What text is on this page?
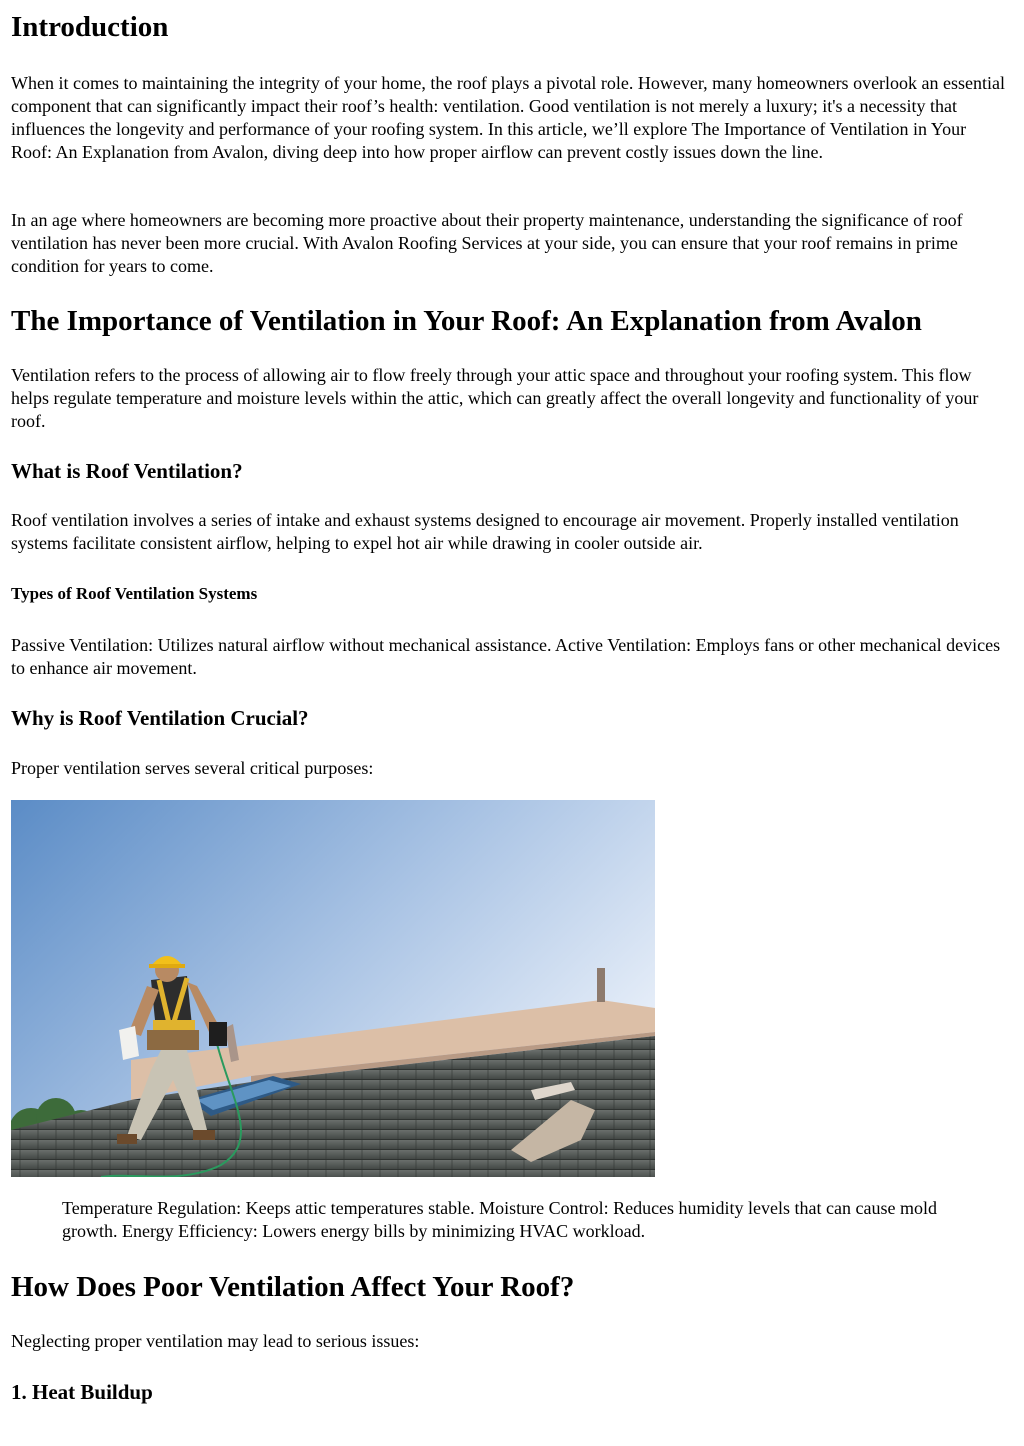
Introduction

When it comes to maintaining the integrity of your home, the roof plays a pivotal role. However, many homeowners overlook an essential component that can significantly impact their roof’s health: ventilation. Good ventilation is not merely a luxury; it's a necessity that influences the longevity and performance of your roofing system. In this article, we’ll explore The Importance of Ventilation in Your Roof: An Explanation from Avalon, diving deep into how proper airflow can prevent costly issues down the line.

In an age where homeowners are becoming more proactive about their property maintenance, understanding the significance of roof ventilation has never been more crucial. With Avalon Roofing Services at your side, you can ensure that your roof remains in prime condition for years to come.

The Importance of Ventilation in Your Roof: An Explanation from Avalon

Ventilation refers to the process of allowing air to flow freely through your attic space and throughout your roofing system. This flow helps regulate temperature and moisture levels within the attic, which can greatly affect the overall longevity and functionality of your roof.

What is Roof Ventilation?

Roof ventilation involves a series of intake and exhaust systems designed to encourage air movement. Properly installed ventilation systems facilitate consistent airflow, helping to expel hot air while drawing in cooler outside air.

Types of Roof Ventilation Systems

Passive Ventilation: Utilizes natural airflow without mechanical assistance. Active Ventilation: Employs fans or other mechanical devices to enhance air movement.

Why is Roof Ventilation Crucial?

Proper ventilation serves several critical purposes:

Temperature Regulation: Keeps attic temperatures stable. Moisture Control: Reduces humidity levels that can cause mold growth. Energy Efficiency: Lowers energy bills by minimizing HVAC workload.

How Does Poor Ventilation Affect Your Roof?

Neglecting proper ventilation may lead to serious issues:

1. Heat Buildup
